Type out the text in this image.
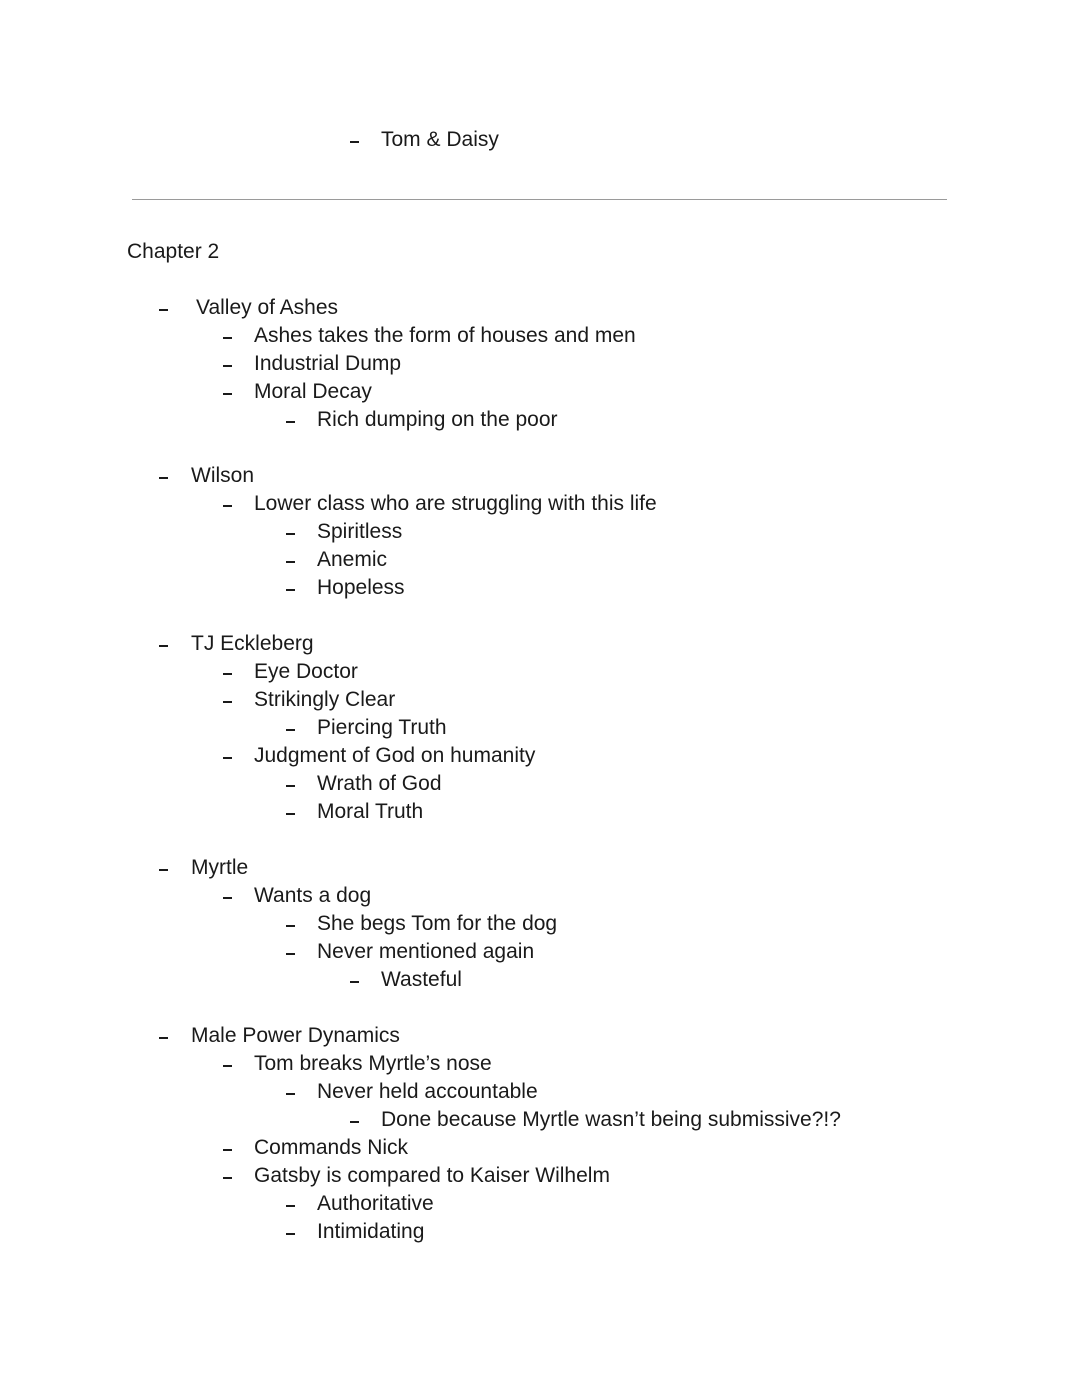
Tom & Daisy
Chapter 2
Valley of Ashes
Ashes takes the form of houses and men
Industrial Dump
Moral Decay
Rich dumping on the poor
Wilson
Lower class who are struggling with this life
Spiritless
Anemic
Hopeless
TJ Eckleberg
Eye Doctor
Strikingly Clear
Piercing Truth
Judgment of God on humanity
Wrath of God
Moral Truth
Myrtle
Wants a dog
She begs Tom for the dog
Never mentioned again
Wasteful
Male Power Dynamics
Tom breaks Myrtle’s nose
Never held accountable
Done because Myrtle wasn’t being submissive?!?
Commands Nick
Gatsby is compared to Kaiser Wilhelm
Authoritative
Intimidating
